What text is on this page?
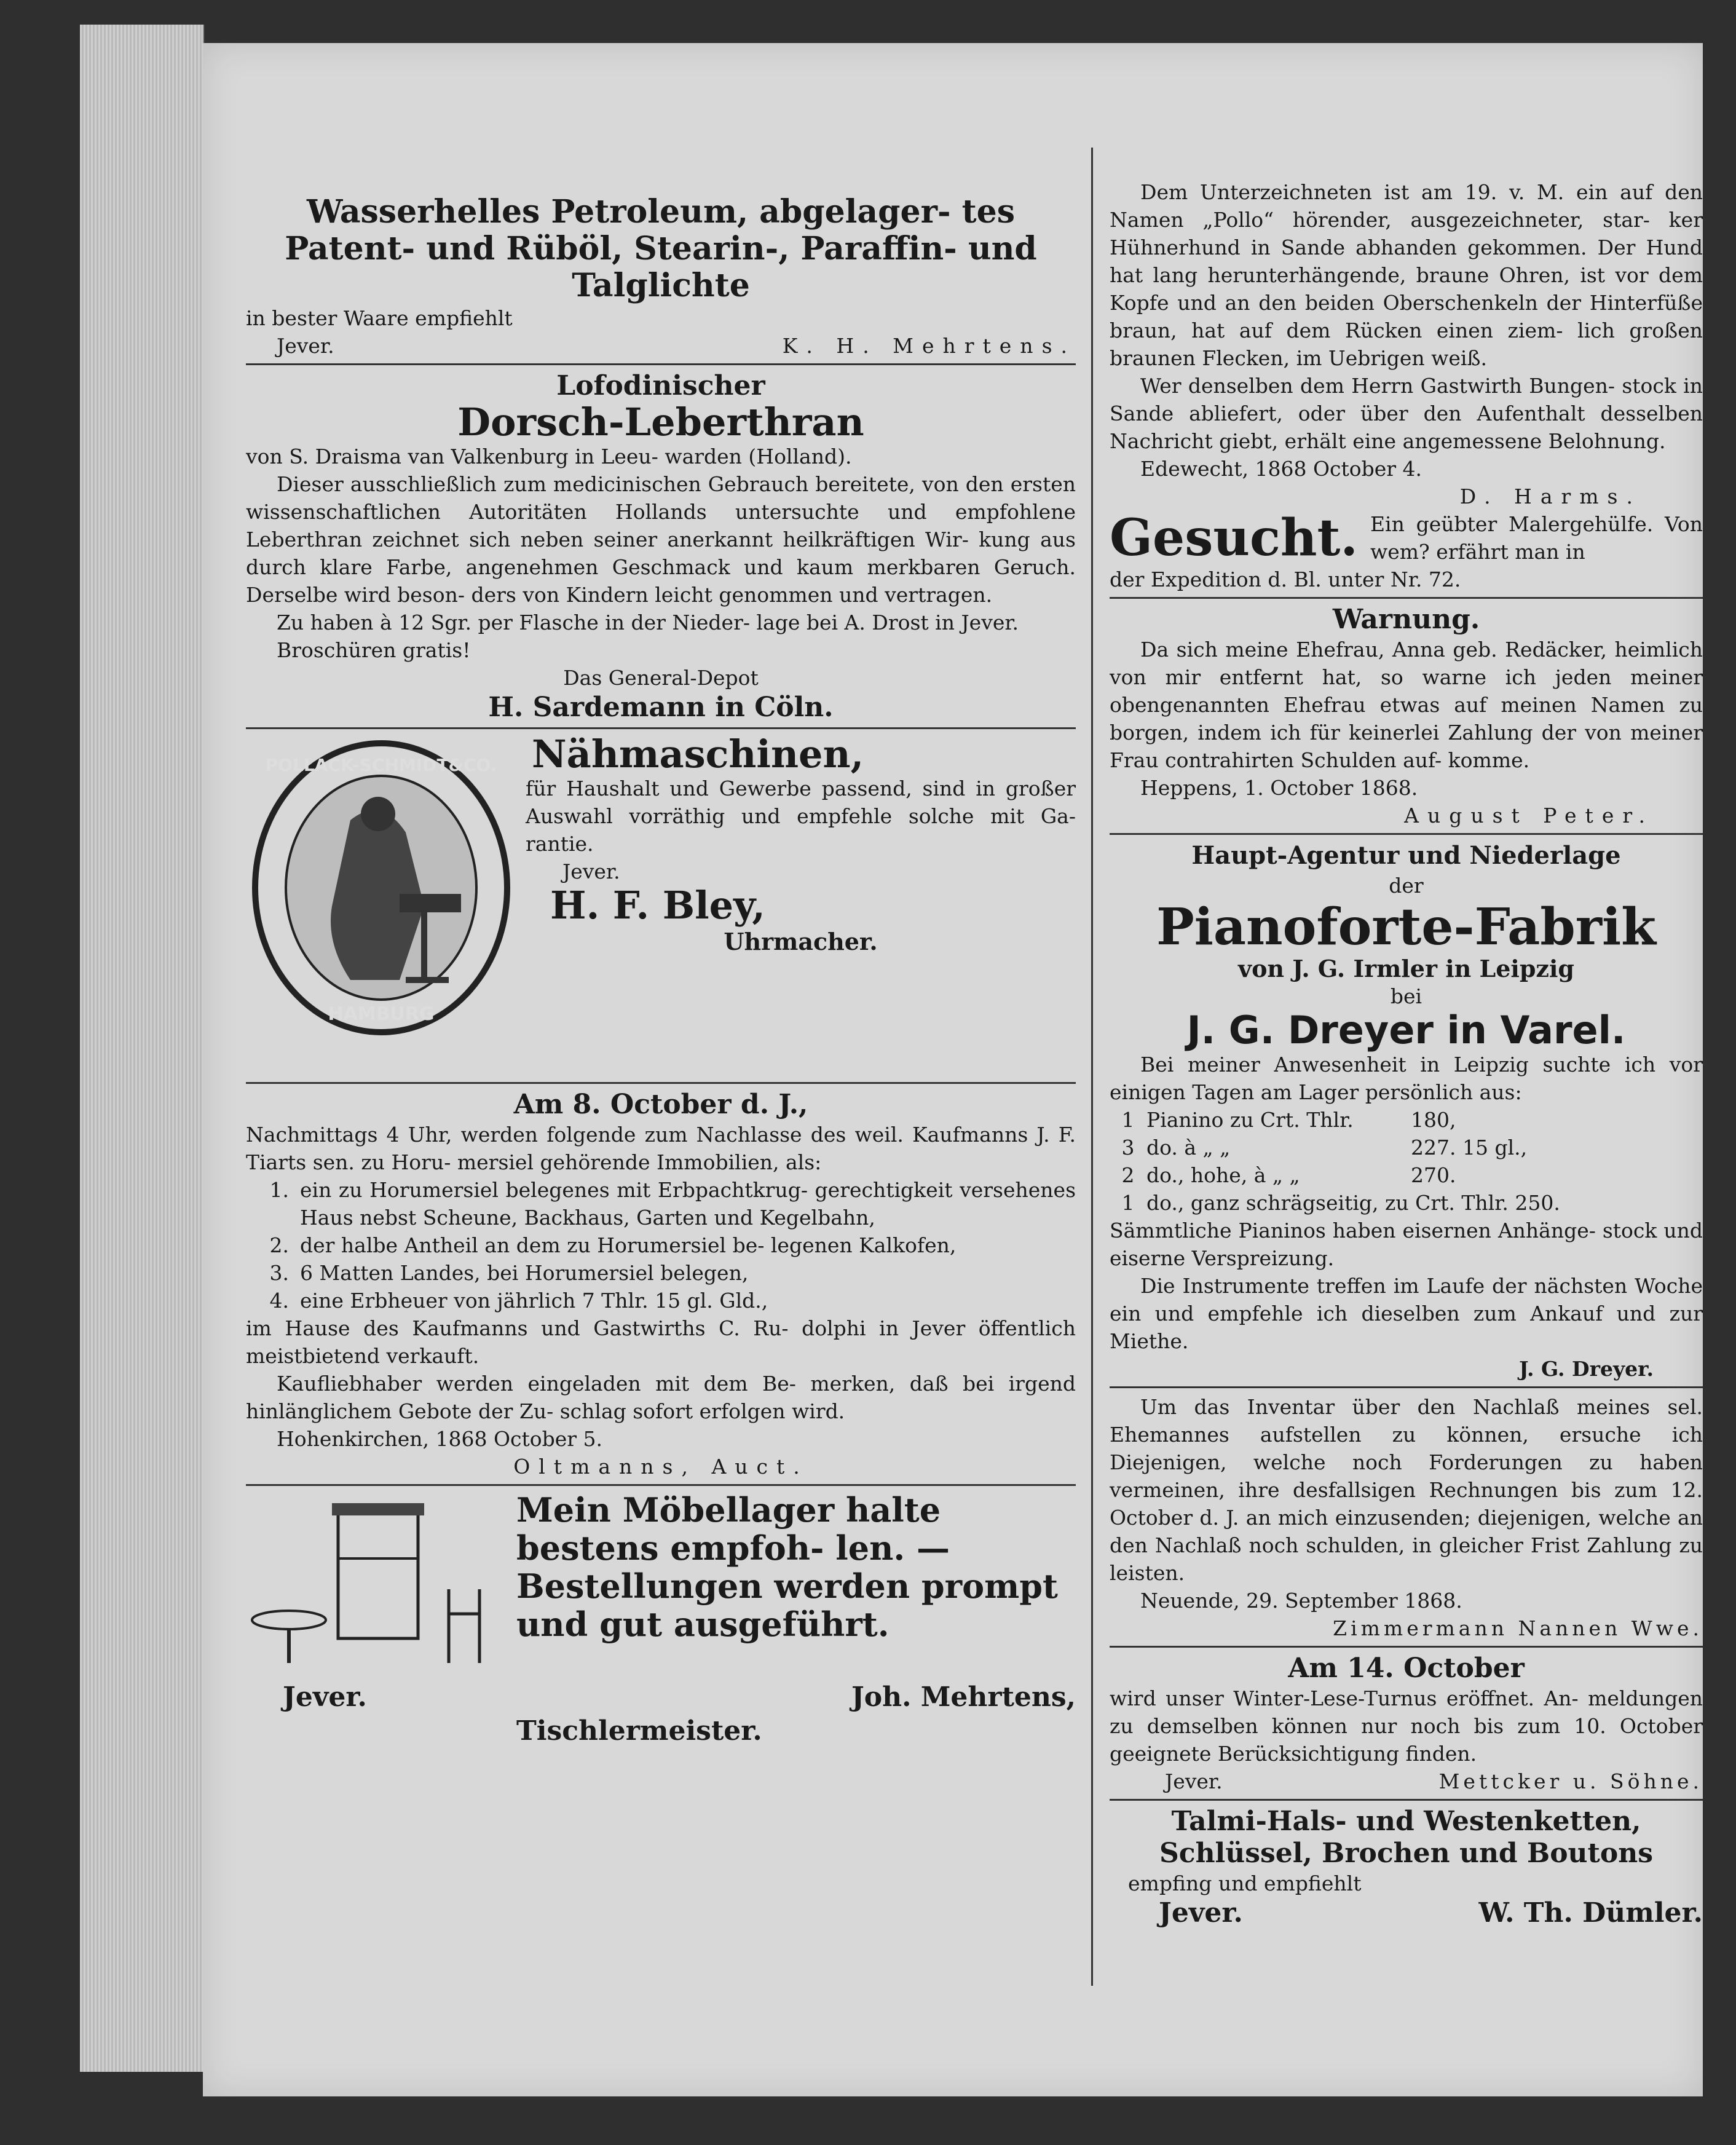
Wasserhelles Petroleum, abgelager- tes Patent- und Rüböl, Stearin-, Paraffin- und Talglichte
in bester Waare empfiehlt
Jever.	K. H. Mehrtens.
Lofodinischer
Dorsch-Leberthran
von S. Draisma van Valkenburg in Leeu- warden (Holland).
Dieser ausschließlich zum medicinischen Gebrauch bereitete, von den ersten wissenschaftlichen Autoritäten Hollands untersuchte und empfohlene Leberthran zeichnet sich neben seiner anerkannt heilkräftigen Wir- kung aus durch klare Farbe, angenehmen Geschmack und kaum merkbaren Geruch. Derselbe wird beson- ders von Kindern leicht genommen und vertragen.
Zu haben à 12 Sgr. per Flasche in der Nieder- lage bei A. Drost in Jever.
Broschüren gratis!
Das General-Depot
H. Sardemann in Cöln.
POLLACK-SCHMIDT&CO.
HAMBURG
Nähmaschinen,
für Haushalt und Gewerbe passend, sind in großer Auswahl vorräthig und empfehle solche mit Ga- rantie.
Jever.
H. F. Bley,
Uhrmacher.
Am 8. October d. J.,
Nachmittags 4 Uhr, werden folgende zum Nachlasse des weil. Kaufmanns J. F. Tiarts sen. zu Horu- mersiel gehörende Immobilien, als:
1. ein zu Horumersiel belegenes mit Erbpachtkrug- gerechtigkeit versehenes Haus nebst Scheune, Backhaus, Garten und Kegelbahn,
2. der halbe Antheil an dem zu Horumersiel be- legenen Kalkofen,
3. 6 Matten Landes, bei Horumersiel belegen,
4. eine Erbheuer von jährlich 7 Thlr. 15 gl. Gld.,
im Hause des Kaufmanns und Gastwirths C. Ru- dolphi in Jever öffentlich meistbietend verkauft.
Kaufliebhaber werden eingeladen mit dem Be- merken, daß bei irgend hinlänglichem Gebote der Zu- schlag sofort erfolgen wird.
Hohenkirchen, 1868 October 5.
Oltmanns, Auct.
Mein Möbellager halte bestens empfoh- len. — Bestellungen werden prompt und gut ausgeführt.
Jever.	Joh. Mehrtens,
Tischlermeister.
Dem Unterzeichneten ist am 19. v. M. ein auf den Namen „Pollo“ hörender, ausgezeichneter, star- ker Hühnerhund in Sande abhanden gekommen. Der Hund hat lang herunterhängende, braune Ohren, ist vor dem Kopfe und an den beiden Oberschenkeln der Hinterfüße braun, hat auf dem Rücken einen ziem- lich großen braunen Flecken, im Uebrigen weiß.
Wer denselben dem Herrn Gastwirth Bungen- stock in Sande abliefert, oder über den Aufenthalt desselben Nachricht giebt, erhält eine angemessene Belohnung.
Edewecht, 1868 October 4.
D. Harms.
Gesucht. Ein geübter Malergehülfe. Von wem? erfährt man in
der Expedition d. Bl. unter Nr. 72.
Warnung.
Da sich meine Ehefrau, Anna geb. Redäcker, heimlich von mir entfernt hat, so warne ich jeden meiner obengenannten Ehefrau etwas auf meinen Namen zu borgen, indem ich für keinerlei Zahlung der von meiner Frau contrahirten Schulden auf- komme.
Heppens, 1. October 1868.
August Peter.
Haupt-Agentur und Niederlage
der
Pianoforte-Fabrik
von J. G. Irmler in Leipzig
bei
J. G. Dreyer in Varel.
Bei meiner Anwesenheit in Leipzig suchte ich vor einigen Tagen am Lager persönlich aus:
1 Pianino zu Crt. Thlr.	180,
3 do. à „ „	227. 15 gl.,
2 do., hohe, à „ „	270.
1 do., ganz schrägseitig, zu Crt. Thlr. 250.
Sämmtliche Pianinos haben eisernen Anhänge- stock und eiserne Verspreizung.
Die Instrumente treffen im Laufe der nächsten Woche ein und empfehle ich dieselben zum Ankauf und zur Miethe.
J. G. Dreyer.
Um das Inventar über den Nachlaß meines sel. Ehemannes aufstellen zu können, ersuche ich Diejenigen, welche noch Forderungen zu haben vermeinen, ihre desfallsigen Rechnungen bis zum 12. October d. J. an mich einzusenden; diejenigen, welche an den Nachlaß noch schulden, in gleicher Frist Zahlung zu leisten.
Neuende, 29. September 1868.
Zimmermann Nannen Wwe.
Am 14. October
wird unser Winter-Lese-Turnus eröffnet. An- meldungen zu demselben können nur noch bis zum 10. October geeignete Berücksichtigung finden.
Jever.	Mettcker u. Söhne.
Talmi-Hals- und Westenketten, Schlüssel, Brochen und Boutons
empfing und empfiehlt
Jever.	W. Th. Dümler.
